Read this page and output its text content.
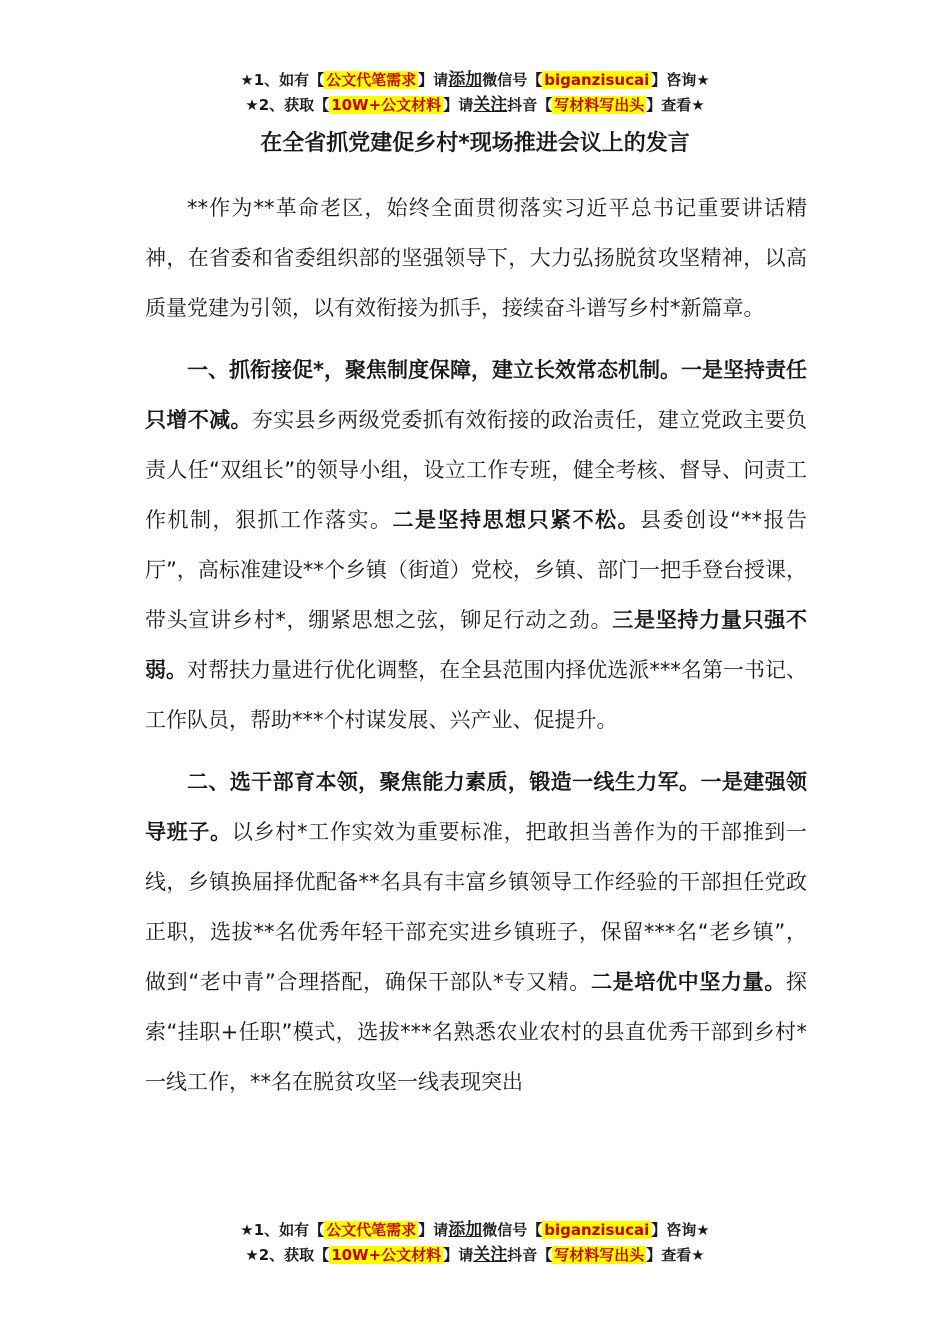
★1、如有【 公文代笔需求 】请添加微信号【 biganzisucai 】咨询★
★2、获取【 10W+公文材料 】请关注抖音【 写材料写出头 】查看★
在全省抓党建促乡村*现场推进会议上的发言

**作为**革命老区，始终全面贯彻落实习近平总书记重要讲话精神，在省委和省委组织部的坚强领导下，大力弘扬脱贫攻坚精神，以高质量党建为引领，以有效衔接为抓手，接续奋斗谱写乡村*新篇章。

一、抓衔接促*，聚焦制度保障，建立长效常态机制。一是坚持责任只增不减。夯实县乡两级党委抓有效衔接的政治责任，建立党政主要负责人任“双组长”的领导小组，设立工作专班，健全考核、督导、问责工作机制，狠抓工作落实。二是坚持思想只紧不松。县委创设“**报告厅”，高标准建设**个乡镇（街道）党校，乡镇、部门一把手登台授课，带头宣讲乡村*，绷紧思想之弦，铆足行动之劲。三是坚持力量只强不弱。对帮扶力量进行优化调整，在全县范围内择优选派***名第一书记、工作队员，帮助***个村谋发展、兴产业、促提升。

二、选干部育本领，聚焦能力素质，锻造一线生力军。一是建强领导班子。以乡村*工作实效为重要标准，把敢担当善作为的干部推到一线，乡镇换届择优配备**名具有丰富乡镇领导工作经验的干部担任党政正职，选拔**名优秀年轻干部充实进乡镇班子，保留***名“老乡镇”，做到“老中青”合理搭配，确保干部队*专又精。二是培优中坚力量。探索“挂职+任职”模式，选拔***名熟悉农业农村的县直优秀干部到乡村*一线工作，**名在脱贫攻坚一线表现突出

★1、如有【 公文代笔需求 】请添加微信号【 biganzisucai 】咨询★
★2、获取【 10W+公文材料 】请关注抖音【 写材料写出头 】查看★
